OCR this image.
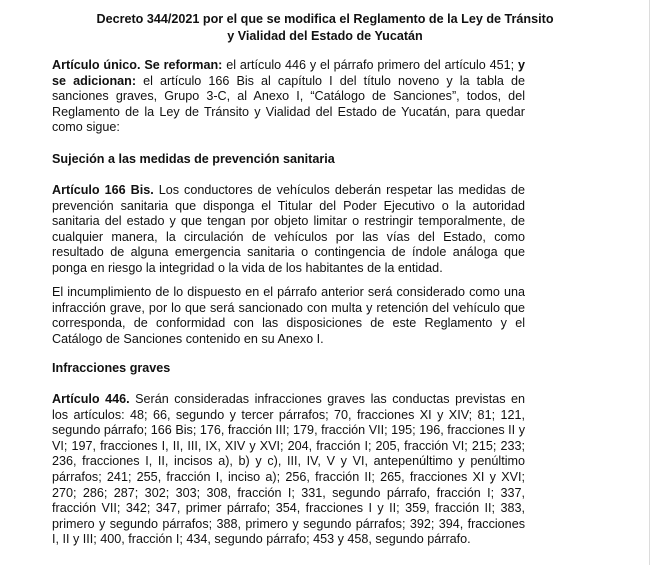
Decreto 344/2021 por el que se modifica el Reglamento de la Ley de Tránsito
y Vialidad del Estado de Yucatán
Artículo único. Se reforman: el artículo 446 y el párrafo primero del artículo 451; y se adicionan: el artículo 166 Bis al capítulo I del título noveno y la tabla de sanciones graves, Grupo 3-C, al Anexo I, “Catálogo de Sanciones”, todos, del Reglamento de la Ley de Tránsito y Vialidad del Estado de Yucatán, para quedar como sigue:
Sujeción a las medidas de prevención sanitaria
Artículo 166 Bis. Los conductores de vehículos deberán respetar las medidas de prevención sanitaria que disponga el Titular del Poder Ejecutivo o la autoridad sanitaria del estado y que tengan por objeto limitar o restringir temporalmente, de cualquier manera, la circulación de vehículos por las vías del Estado, como resultado de alguna emergencia sanitaria o contingencia de índole análoga que ponga en riesgo la integridad o la vida de los habitantes de la entidad.
El incumplimiento de lo dispuesto en el párrafo anterior será considerado como una infracción grave, por lo que será sancionado con multa y retención del vehículo que corresponda, de conformidad con las disposiciones de este Reglamento y el Catálogo de Sanciones contenido en su Anexo I.
Infracciones graves
Artículo 446. Serán consideradas infracciones graves las conductas previstas en los artículos: 48; 66, segundo y tercer párrafos; 70, fracciones XI y XIV; 81; 121, segundo párrafo; 166 Bis; 176, fracción III; 179, fracción VII; 195; 196, fracciones II y VI; 197, fracciones I, II, III, IX, XIV y XVI; 204, fracción I; 205, fracción VI; 215; 233; 236, fracciones I, II, incisos a), b) y c), III, IV, V y VI, antepenúltimo y penúltimo párrafos; 241; 255, fracción I, inciso a); 256, fracción II; 265, fracciones XI y XVI; 270; 286; 287; 302; 303; 308, fracción I; 331, segundo párrafo, fracción I; 337, fracción VII; 342; 347, primer párrafo; 354, fracciones I y II; 359, fracción II; 383, primero y segundo párrafos; 388, primero y segundo párrafos; 392; 394, fracciones I, II y III; 400, fracción I; 434, segundo párrafo; 453 y 458, segundo párrafo.
